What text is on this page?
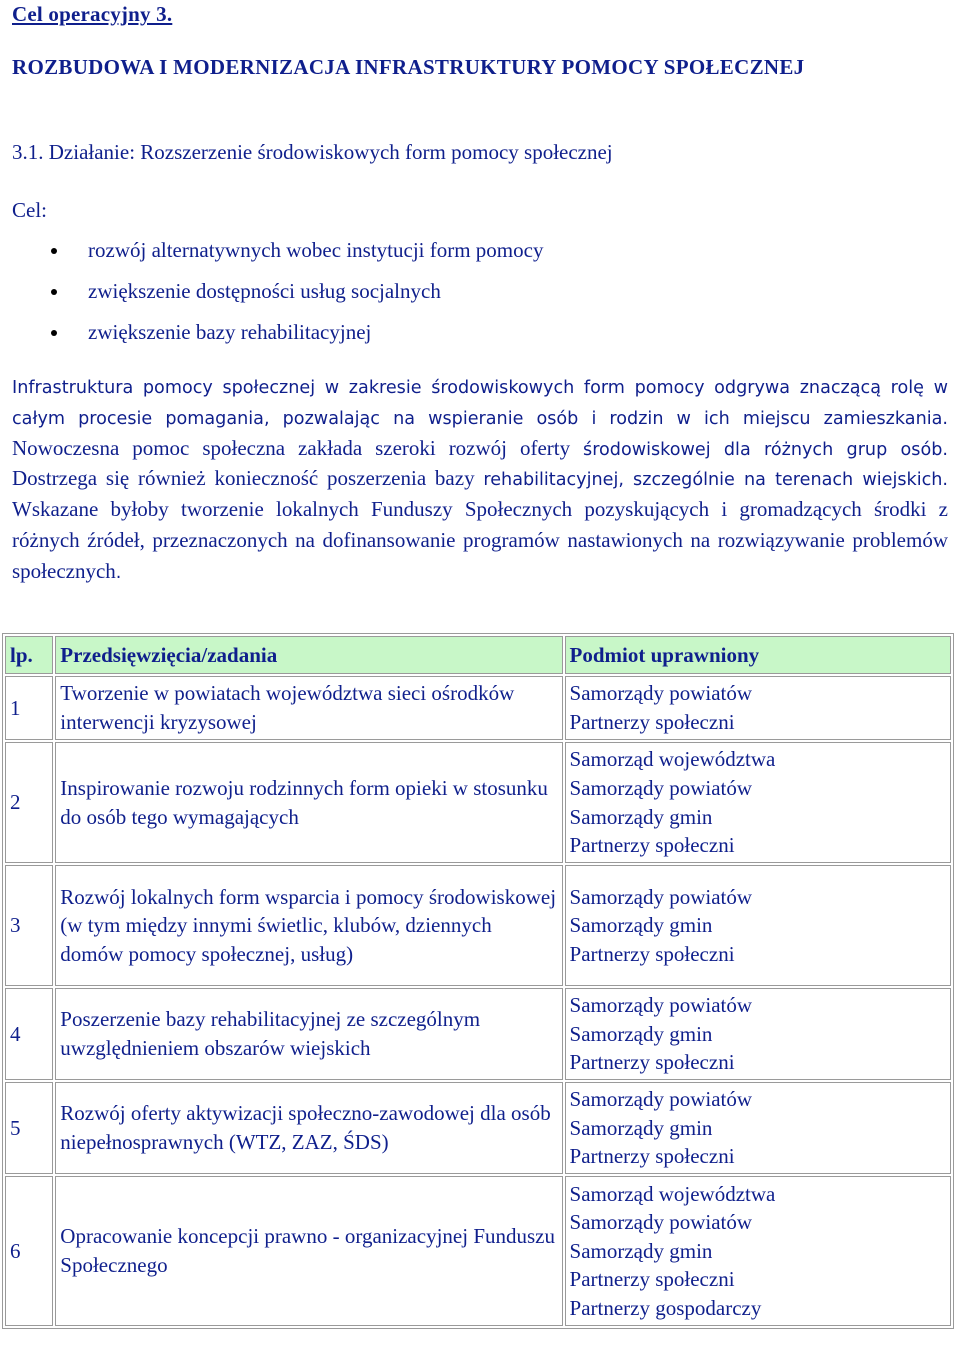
Cel operacyjny 3.
ROZBUDOWA I MODERNIZACJA INFRASTRUKTURY POMOCY SPOŁECZNEJ
3.1. Działanie: Rozszerzenie środowiskowych form pomocy społecznej
Cel:
rozwój alternatywnych wobec instytucji form pomocy
zwiększenie dostępności usług socjalnych
zwiększenie bazy rehabilitacyjnej
Infrastruktura pomocy społecznej w zakresie środowiskowych form pomocy odgrywa znaczącą rolę w całym procesie pomagania, pozwalając na wspieranie osób i rodzin w ich miejscu zamieszkania. Nowoczesna pomoc społeczna zakłada szeroki rozwój oferty środowiskowej dla różnych grup osób. Dostrzega się również konieczność poszerzenia bazy rehabilitacyjnej, szczególnie na terenach wiejskich. Wskazane byłoby tworzenie lokalnych Funduszy Społecznych pozyskujących i gromadzących środki z różnych źródeł, przeznaczonych na dofinansowanie programów nastawionych na rozwiązywanie problemów społecznych.
lp.	Przedsięwzięcia/zadania	Podmiot uprawniony
1	Tworzenie w powiatach województwa sieci ośrodków interwencji kryzysowej	Samorządy powiatów
Partnerzy społeczni

2	Inspirowanie rozwoju rodzinnych form opieki w stosunku do osób tego wymagających	Samorząd województwa
Samorządy powiatów
Samorządy gmin
Partnerzy społeczni

3	Rozwój lokalnych form wsparcia i pomocy środowiskowej (w tym między innymi świetlic, klubów, dziennych domów pomocy społecznej, usług)	Samorządy powiatów
Samorządy gmin
Partnerzy społeczni

4	Poszerzenie bazy rehabilitacyjnej ze szczególnym uwzględnieniem obszarów wiejskich	Samorządy powiatów
Samorządy gmin
Partnerzy społeczni

5	Rozwój oferty aktywizacji społeczno-zawodowej dla osób niepełnosprawnych (WTZ, ZAZ, ŚDS)	Samorządy powiatów
Samorządy gmin
Partnerzy społeczni

6	Opracowanie koncepcji prawno - organizacyjnej Funduszu Społecznego	Samorząd województwa
Samorządy powiatów
Samorządy gmin
Partnerzy społeczni
Partnerzy gospodarczy
